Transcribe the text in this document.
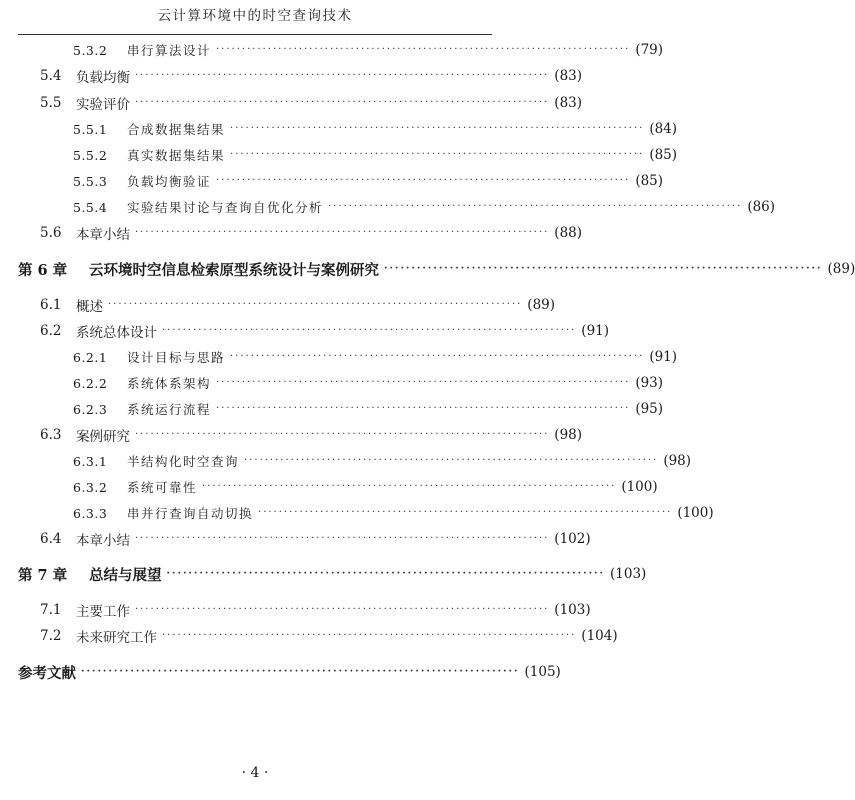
云计算环境中的时空查询技术
5.3.2	串行算法设计 ················································································ (79)
5.4	负载均衡 ················································································ (83)
5.5	实验评价 ················································································ (83)
5.5.1	合成数据集结果 ················································································ (84)
5.5.2	真实数据集结果 ················································································ (85)
5.5.3	负载均衡验证 ················································································ (85)
5.5.4	实验结果讨论与查询自优化分析 ················································································ (86)
5.6	本章小结 ················································································ (88)
第 6 章	云环境时空信息检索原型系统设计与案例研究 ················································································ (89)
6.1	概述 ················································································ (89)
6.2	系统总体设计 ················································································ (91)
6.2.1	设计目标与思路 ················································································ (91)
6.2.2	系统体系架构 ················································································ (93)
6.2.3	系统运行流程 ················································································ (95)
6.3	案例研究 ················································································ (98)
6.3.1	半结构化时空查询 ················································································ (98)
6.3.2	系统可靠性 ················································································ (100)
6.3.3	串并行查询自动切换 ················································································ (100)
6.4	本章小结 ················································································ (102)
第 7 章	总结与展望 ················································································ (103)
7.1	主要工作 ················································································ (103)
7.2	未来研究工作 ················································································ (104)
参考文献 ················································································ (105)
· 4 ·
